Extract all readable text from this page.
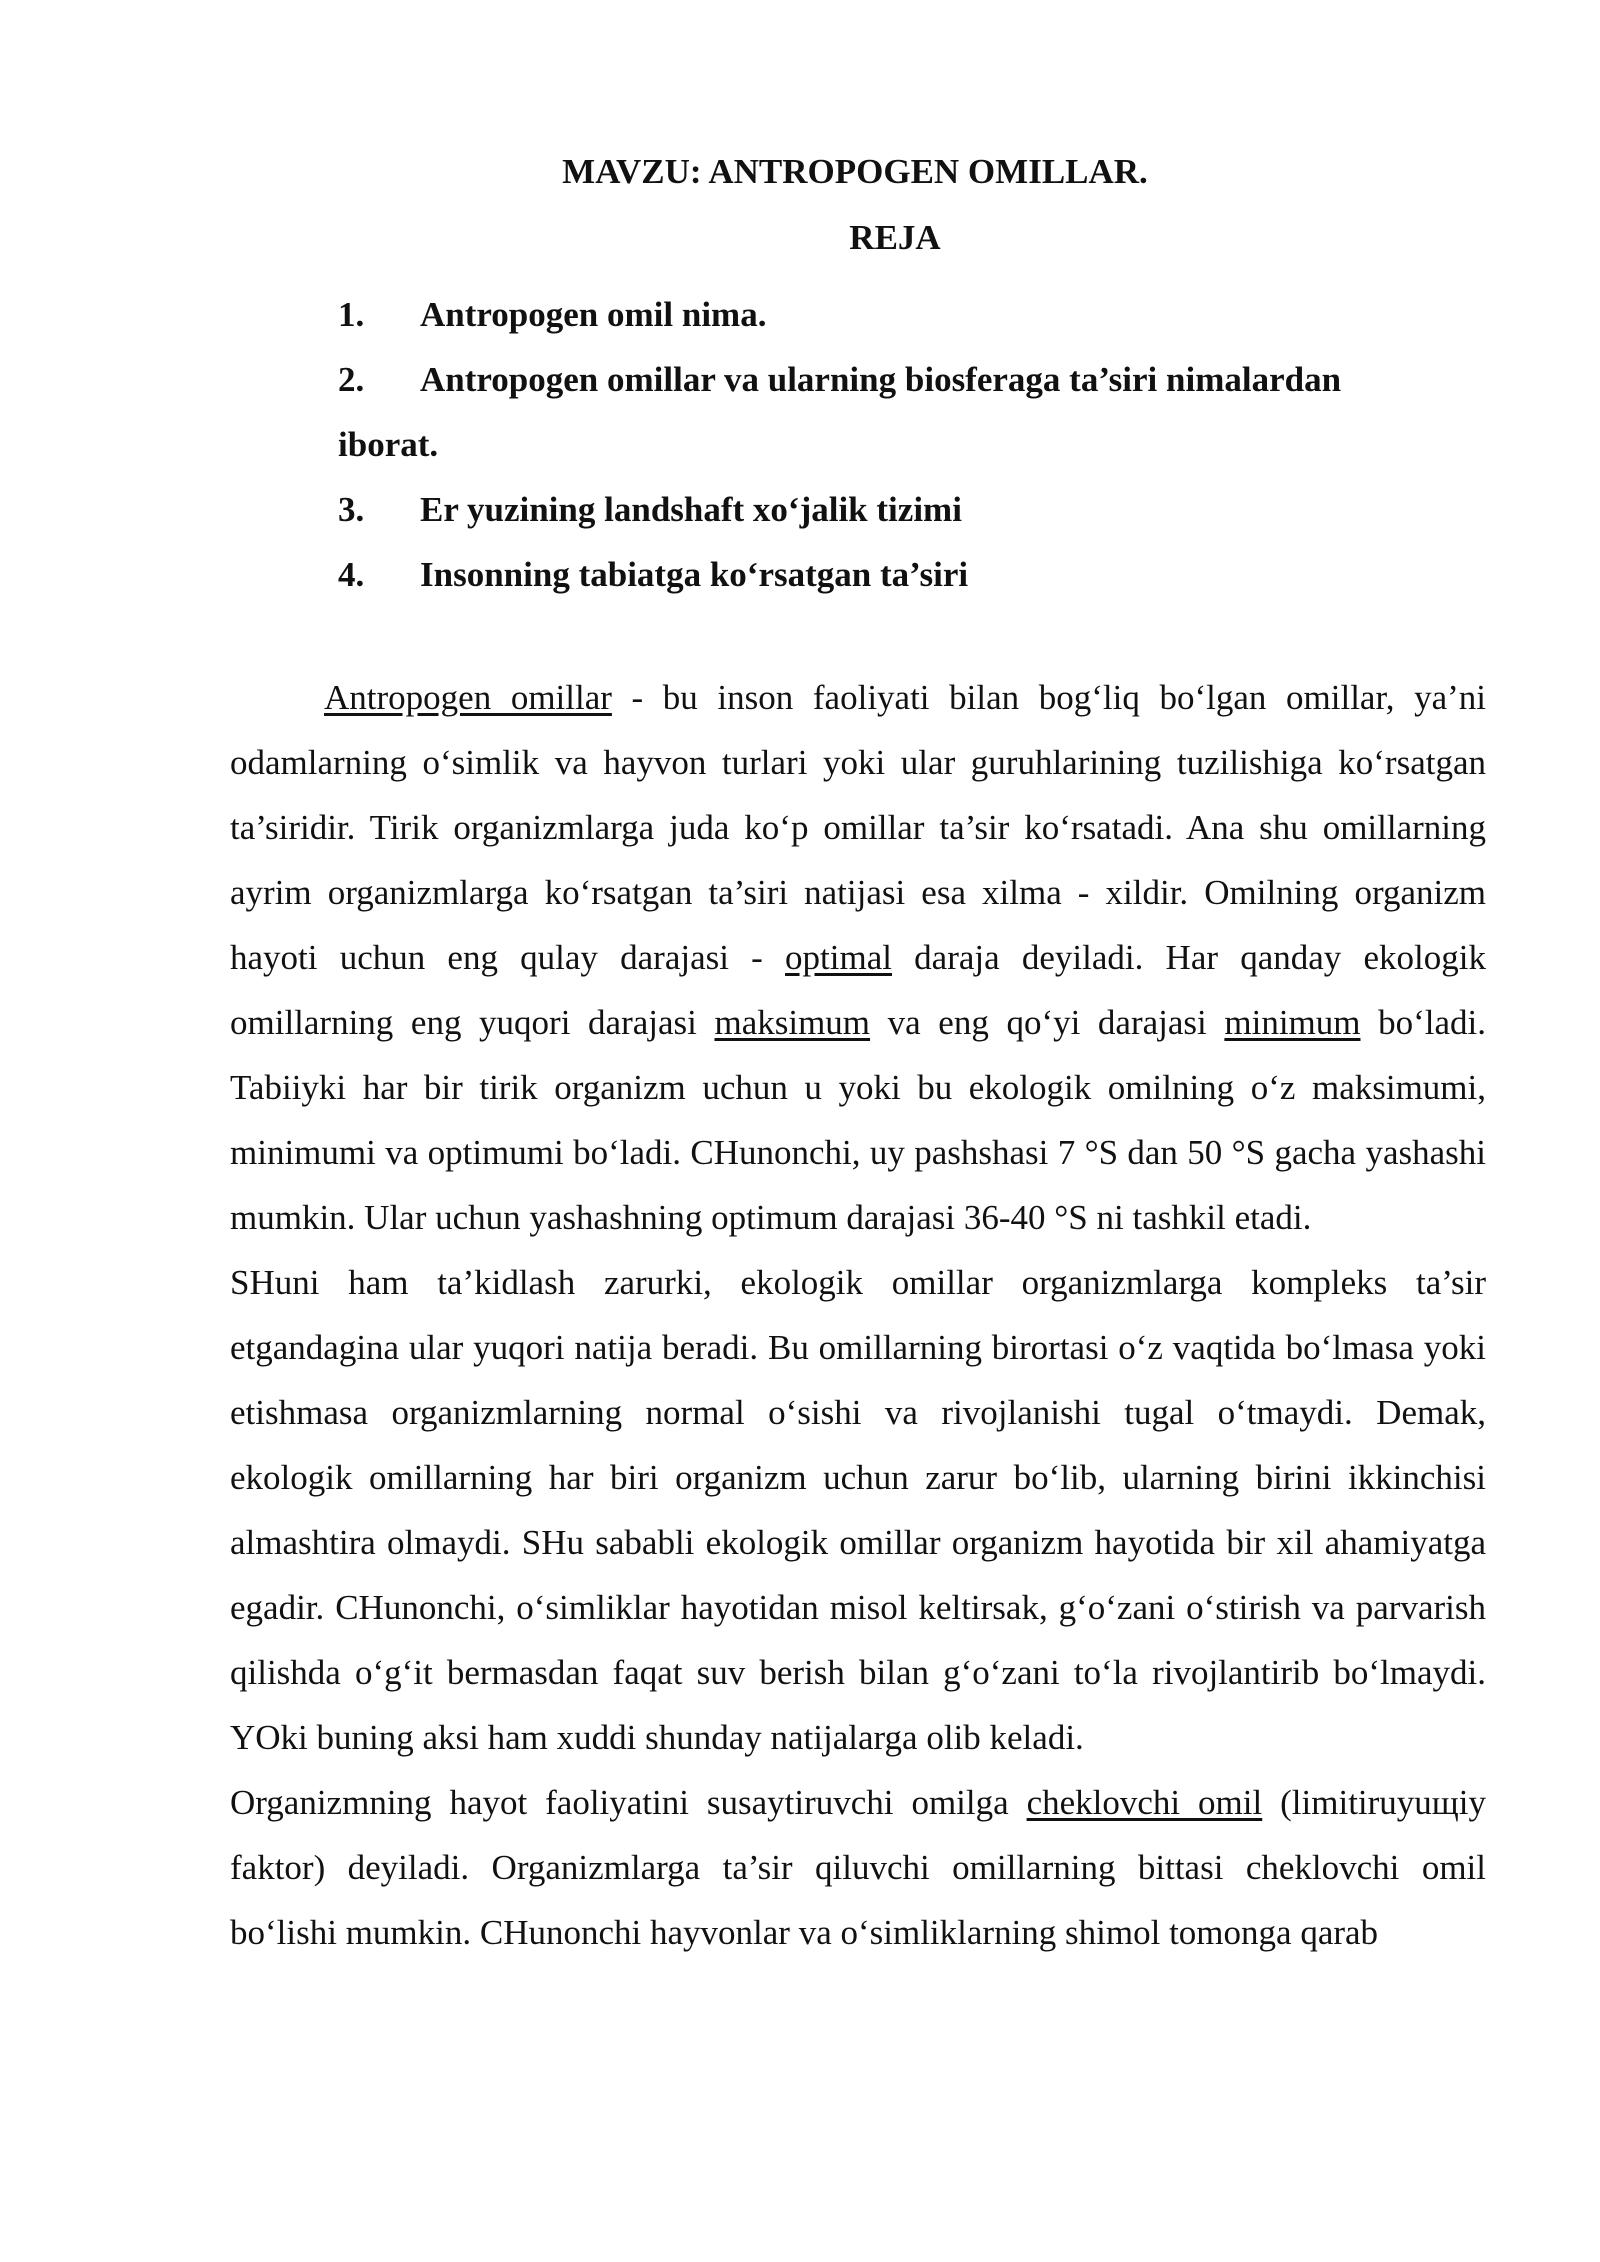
MAVZU: ANTROPOGEN OMILLAR.
REJA
1.	Antropogen omil nima.
2.	Antropogen omillar va ularning biosferaga ta’siri nimalardan
iborat.
3.	Er yuzining landshaft xo‘jalik tizimi
4.	Insonning tabiatga ko‘rsatgan ta’siri

Antropogen omillar - bu inson faoliyati bilan bog‘liq bo‘lgan omillar, ya’ni odamlarning o‘simlik va hayvon turlari yoki ular guruhlarining tuzilishiga ko‘rsatgan ta’siridir. Tirik organizmlarga juda ko‘p omillar ta’sir ko‘rsatadi. Ana shu omillarning ayrim organizmlarga ko‘rsatgan ta’siri natijasi esa xilma - xildir. Omilning organizm hayoti uchun eng qulay darajasi - optimal daraja deyiladi. Har qanday ekologik omillarning eng yuqori darajasi maksimum va eng qo‘yi darajasi minimum bo‘ladi. Tabiiyki har bir tirik organizm uchun u yoki bu ekologik omilning o‘z maksimumi, minimumi va optimumi bo‘ladi. CHunonchi, uy pashshasi 7 °S dan 50 °S gacha yashashi mumkin. Ular uchun yashashning optimum darajasi 36-40 °S ni tashkil etadi.

SHuni ham ta’kidlash zarurki, ekologik omillar organizmlarga kompleks ta’sir etgandagina ular yuqori natija beradi. Bu omillarning birortasi o‘z vaqtida bo‘lmasa yoki etishmasa organizmlarning normal o‘sishi va rivojlanishi tugal o‘tmaydi. Demak, ekologik omillarning har biri organizm uchun zarur bo‘lib, ularning birini ikkinchisi almashtira olmaydi. SHu sababli ekologik omillar organizm hayotida bir xil ahamiyatga egadir. CHunonchi, o‘simliklar hayotidan misol keltirsak, g‘o‘zani o‘stirish va parvarish qilishda o‘g‘it bermasdan faqat suv berish bilan g‘o‘zani to‘la rivojlantirib bo‘lmaydi. YOki buning aksi ham xuddi shunday natijalarga olib keladi.

Organizmning hayot faoliyatini susaytiruvchi omilga cheklovchi omil (limitiruyuщiy faktor) deyiladi. Organizmlarga ta’sir qiluvchi omillarning bittasi cheklovchi omil bo‘lishi mumkin. CHunonchi hayvonlar va o‘simliklarning shimol tomonga qarab
